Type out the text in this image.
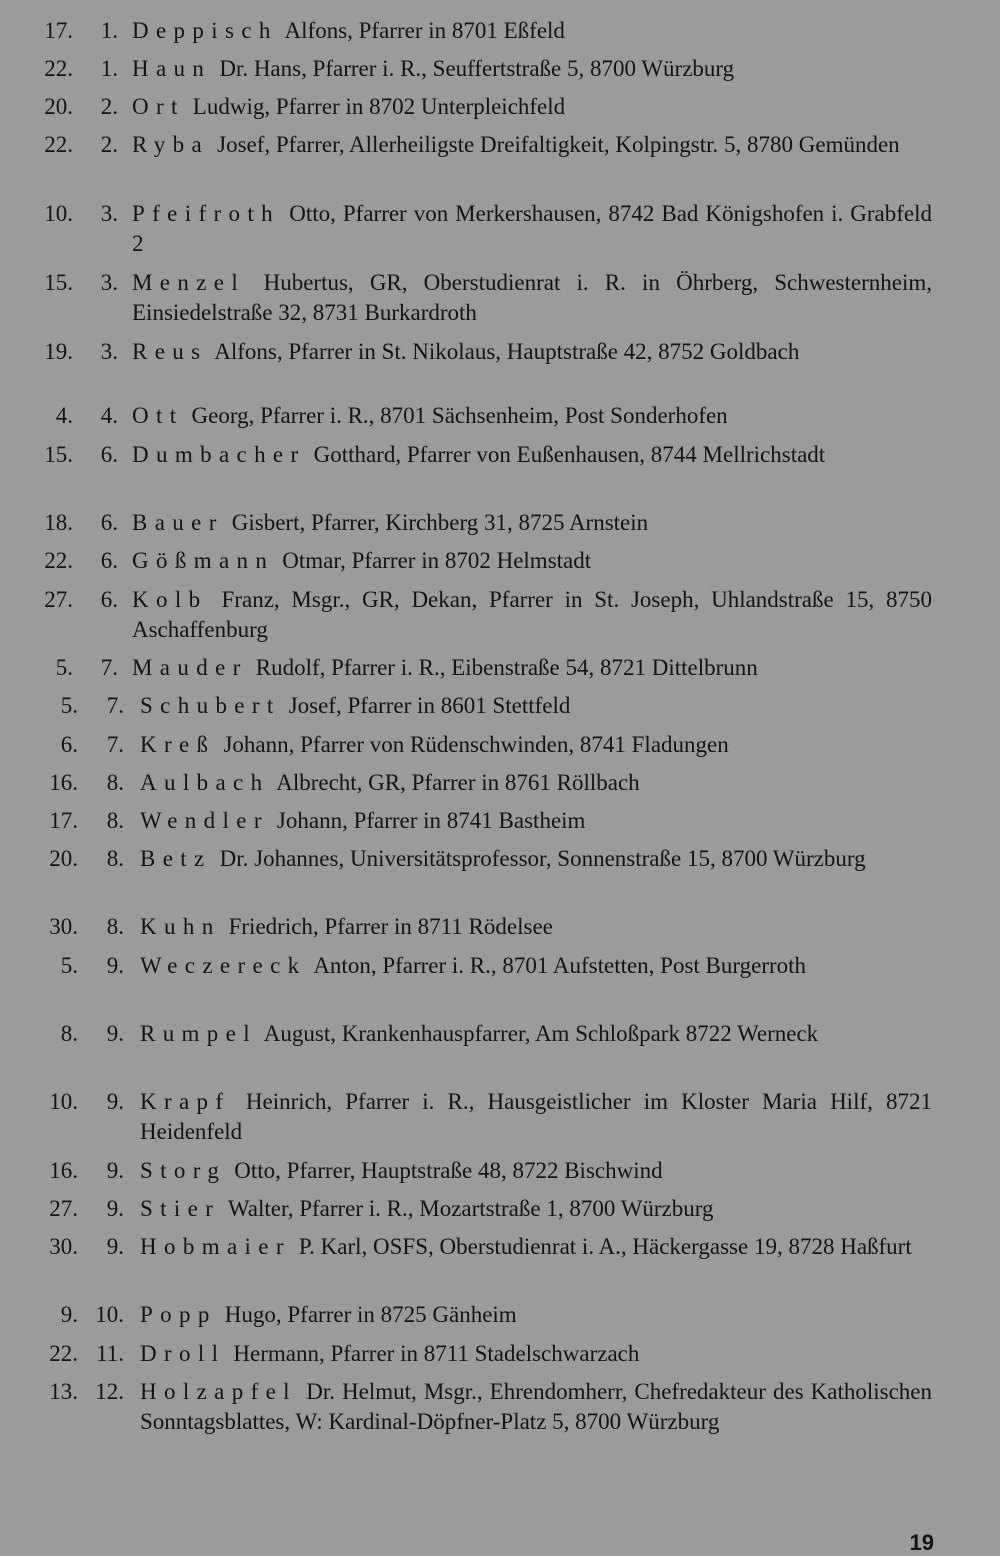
17.	1. Deppisch Alfons, Pfarrer in 8701 Eßfeld
22.	1. Haun Dr. Hans, Pfarrer i. R., Seuffertstraße 5, 8700 Würzburg
20.	2. Ort Ludwig, Pfarrer in 8702 Unterpleichfeld
22.	2. Ryba Josef, Pfarrer, Allerheiligste Dreifaltigkeit, Kolpingstr. 5, 8780 Gemünden
10.	3. Pfeifroth Otto, Pfarrer von Merkershausen, 8742 Bad Königshofen i. Grabfeld 2
15.	3. Menzel Hubertus, GR, Oberstudienrat i. R. in Öhrberg, Schwesternheim, Einsiedelstraße 32, 8731 Burkardroth
19.	3. Reus Alfons, Pfarrer in St. Nikolaus, Hauptstraße 42, 8752 Goldbach
4.	4. Ott Georg, Pfarrer i. R., 8701 Sächsenheim, Post Sonderhofen
15.	6. Dumbacher Gotthard, Pfarrer von Eußenhausen, 8744 Mellrichstadt
18.	6. Bauer Gisbert, Pfarrer, Kirchberg 31, 8725 Arnstein
22.	6. Gößmann Otmar, Pfarrer in 8702 Helmstadt
27.	6. Kolb Franz, Msgr., GR, Dekan, Pfarrer in St. Joseph, Uhlandstraße 15, 8750 Aschaffenburg
5.	7. Mauder Rudolf, Pfarrer i. R., Eibenstraße 54, 8721 Dittelbrunn
5.	7. Schubert Josef, Pfarrer in 8601 Stettfeld
6.	7. Kreß Johann, Pfarrer von Rüdenschwinden, 8741 Fladungen
16.	8. Aulbach Albrecht, GR, Pfarrer in 8761 Röllbach
17.	8. Wendler Johann, Pfarrer in 8741 Bastheim
20.	8. Betz Dr. Johannes, Universitätsprofessor, Sonnenstraße 15, 8700 Würzburg
30.	8. Kuhn Friedrich, Pfarrer in 8711 Rödelsee
5.	9. Weczereck Anton, Pfarrer i. R., 8701 Aufstetten, Post Burgerroth
8.	9. Rumpel August, Krankenhauspfarrer, Am Schloßpark 8722 Werneck
10.	9. Krapf Heinrich, Pfarrer i. R., Hausgeistlicher im Kloster Maria Hilf, 8721 Heidenfeld
16.	9. Storg Otto, Pfarrer, Hauptstraße 48, 8722 Bischwind
27.	9. Stier Walter, Pfarrer i. R., Mozartstraße 1, 8700 Würzburg
30.	9. Hobmaier P. Karl, OSFS, Oberstudienrat i. A., Häckergasse 19, 8728 Haßfurt
9. 10. Popp Hugo, Pfarrer in 8725 Gänheim
22. 11. Droll Hermann, Pfarrer in 8711 Stadelschwarzach
13. 12. Holzapfel Dr. Helmut, Msgr., Ehrendomherr, Chefredakteur des Katholischen Sonntagsblattes, W: Kardinal-Döpfner-Platz 5, 8700 Würzburg
19
